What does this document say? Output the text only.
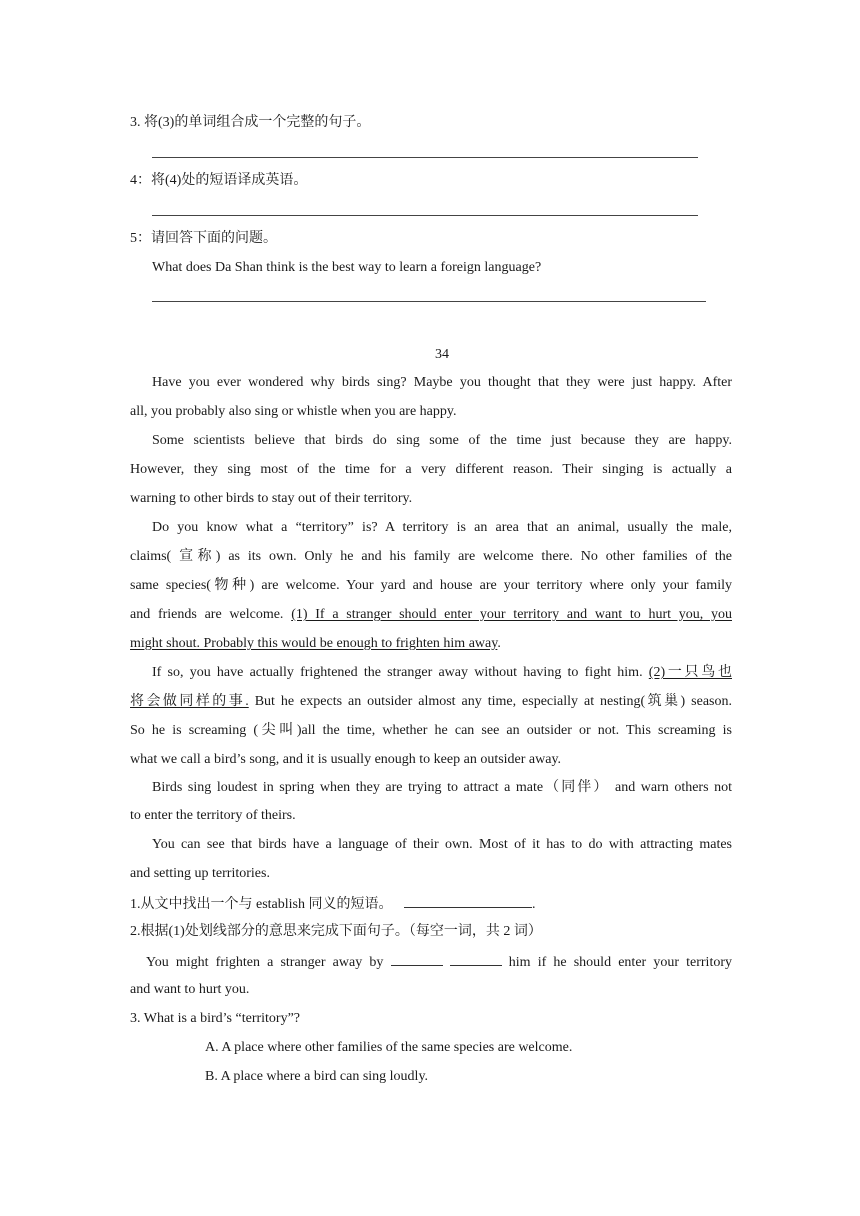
3. 将(3)的单词组合成一个完整的句子。
4：将(4)处的短语译成英语。
5：请回答下面的问题。
What does Da Shan think is the best way to learn a foreign language?
34
Have you ever wondered why birds sing? Maybe you thought that they were just happy. After
all, you probably also sing or whistle when you are happy.
Some scientists believe that birds do sing some of the time just because they are happy.
However, they sing most of the time for a very different reason. Their singing is actually a
warning to other birds to stay out of their territory.
Do you know what a “territory” is? A territory is an area that an animal, usually the male,
claims( 宣称) as its own. Only he and his family are welcome there. No other families of the
same species(物种) are welcome. Your yard and house are your territory where only your family
and friends are welcome. (1) If a stranger should enter your territory and want to hurt you, you
might shout. Probably this would be enough to frighten him away.
If so, you have actually frightened the stranger away without having to fight him. (2)一只鸟也
将会做同样的事. But he expects an outsider almost any time, especially at nesting(筑巢) season.
So he is screaming (尖叫)all the time, whether he can see an outsider or not. This screaming is
what we call a bird’s song, and it is usually enough to keep an outsider away.
Birds sing loudest in spring when they are trying to attract a mate（同伴） and warn others not
to enter the territory of theirs.
You can see that birds have a language of their own. Most of it has to do with attracting mates
and setting up territories.
1.从文中找出一个与 establish 同义的短语。	.
2.根据(1)处划线部分的意思来完成下面句子。（每空一词，共 2 词）
You might frighten a stranger away by	him if he should enter your territory
and want to hurt you.
3. What is a bird’s “territory”?
A. A place where other families of the same species are welcome.
B. A place where a bird can sing loudly.
